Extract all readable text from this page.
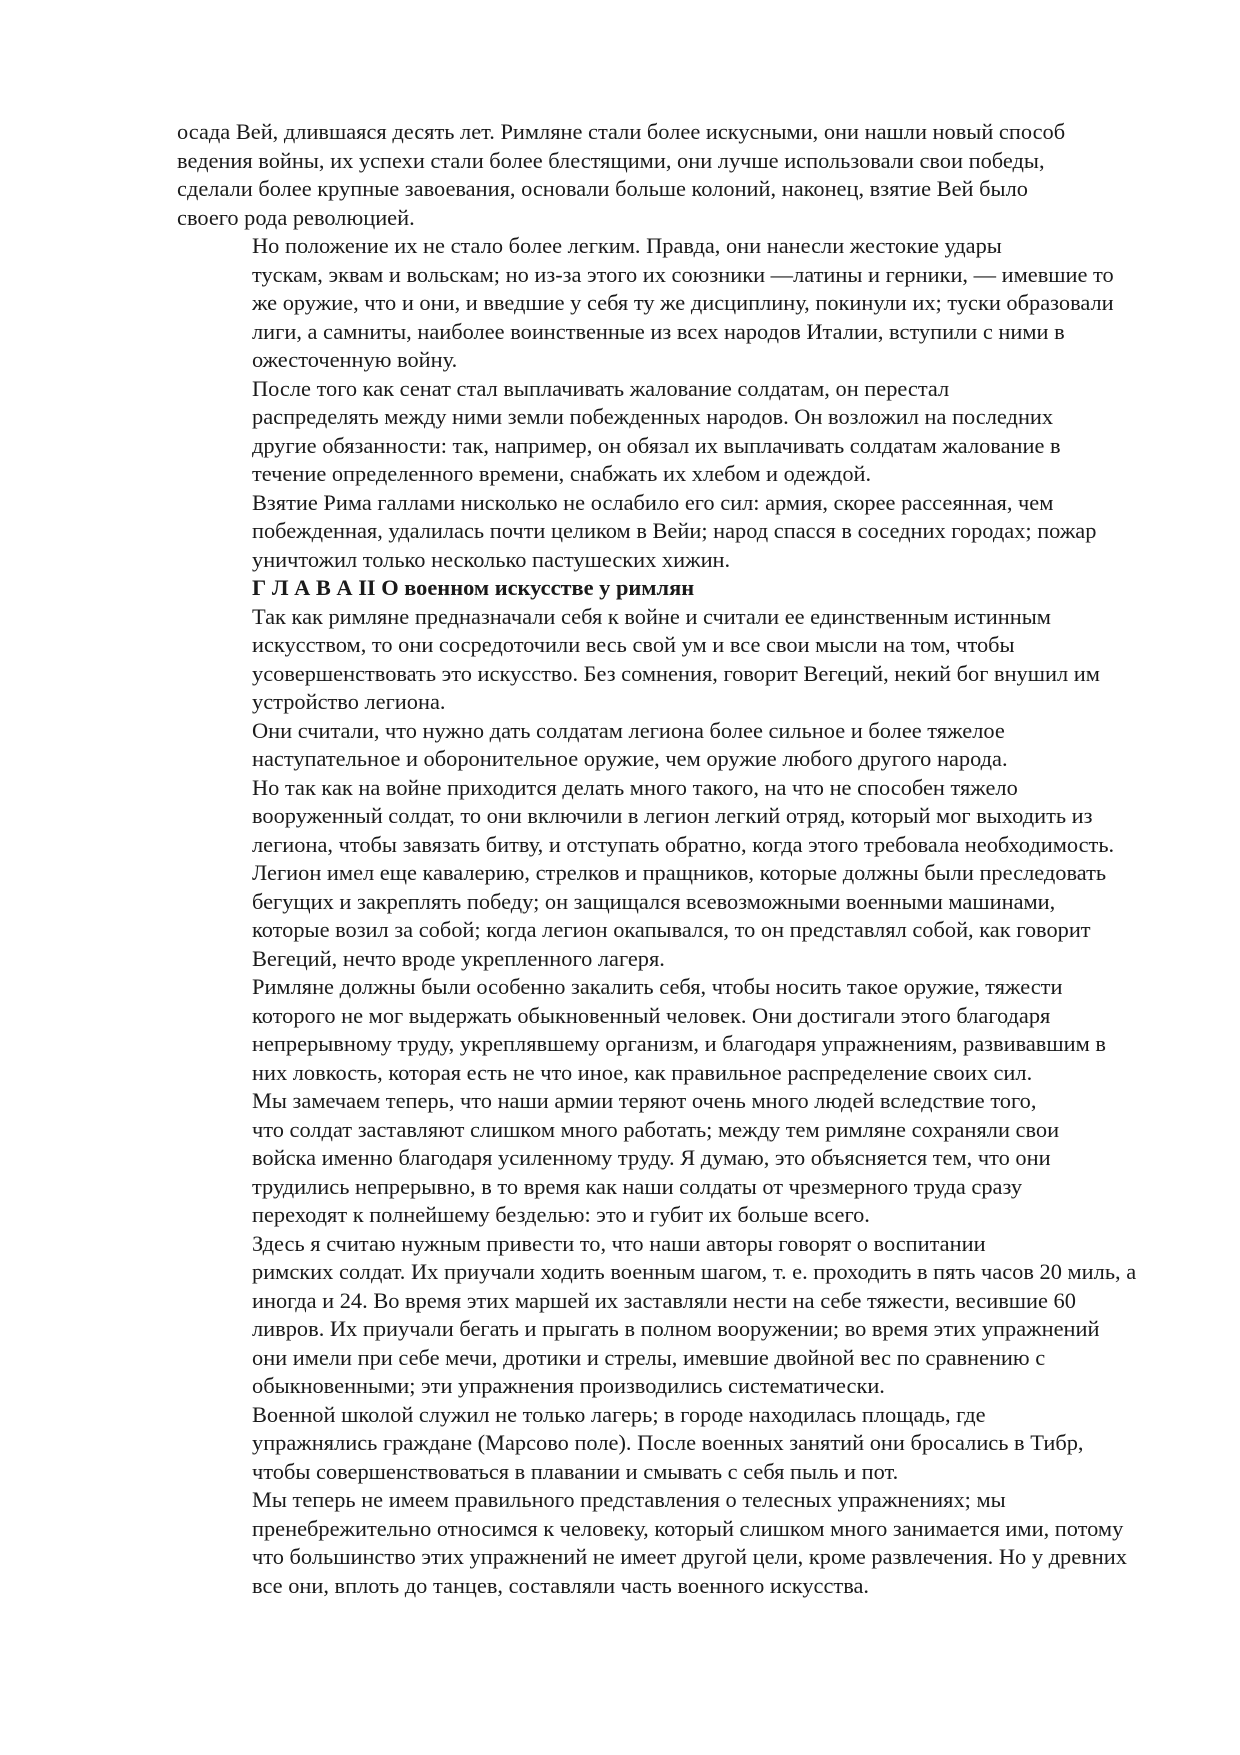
осада Вей, длившаяся десять лет. Римляне стали более искусными, они нашли новый способ
ведения войны, их успехи стали более блестящими, они лучше использовали свои победы,
сделали более крупные завоевания, основали больше колоний, наконец, взятие Вей было
своего рода революцией.

Но положение их не стало более легким. Правда, они нанесли жестокие удары
тускам, эквам и вольскам; но из-за этого их союзники —латины и герники, — имевшие то
же оружие, что и они, и введшие у себя ту же дисциплину, покинули их; туски образовали
лиги, а самниты, наиболее воинственные из всех народов Италии, вступили с ними в
ожесточенную войну.

После того как сенат стал выплачивать жалование солдатам, он перестал
распределять между ними земли побежденных народов. Он возложил на последних
другие обязанности: так, например, он обязал их выплачивать солдатам жалование в
течение определенного времени, снабжать их хлебом и одеждой.

Взятие Рима галлами нисколько не ослабило его сил: армия, скорее рассеянная, чем
побежденная, удалилась почти целиком в Вейи; народ спасся в соседних городах; пожар
уничтожил только несколько пастушеских хижин.

Г Л А В А II О военном искусстве у римлян

Так как римляне предназначали себя к войне и считали ее единственным истинным
искусством, то они сосредоточили весь свой ум и все свои мысли на том, чтобы
усовершенствовать это искусство. Без сомнения, говорит Вегеций, некий бог внушил им
устройство легиона.

Они считали, что нужно дать солдатам легиона более сильное и более тяжелое
наступательное и оборонительное оружие, чем оружие любого другого народа.

Но так как на войне приходится делать много такого, на что не способен тяжело
вооруженный солдат, то они включили в легион легкий отряд, который мог выходить из
легиона, чтобы завязать битву, и отступать обратно, когда этого требовала необходимость.
Легион имел еще кавалерию, стрелков и пращников, которые должны были преследовать
бегущих и закреплять победу; он защищался всевозможными военными машинами,
которые возил за собой; когда легион окапывался, то он представлял собой, как говорит
Вегеций, нечто вроде укрепленного лагеря.

Римляне должны были особенно закалить себя, чтобы носить такое оружие, тяжести
которого не мог выдержать обыкновенный человек. Они достигали этого благодаря
непрерывному труду, укреплявшему организм, и благодаря упражнениям, развивавшим в
них ловкость, которая есть не что иное, как правильное распределение своих сил.

Мы замечаем теперь, что наши армии теряют очень много людей вследствие того,
что солдат заставляют слишком много работать; между тем римляне сохраняли свои
войска именно благодаря усиленному труду. Я думаю, это объясняется тем, что они
трудились непрерывно, в то время как наши солдаты от чрезмерного труда сразу
переходят к полнейшему безделью: это и губит их больше всего.

Здесь я считаю нужным привести то, что наши авторы говорят о воспитании
римских солдат. Их приучали ходить военным шагом, т. е. проходить в пять часов 20 миль, а
иногда и 24. Во время этих маршей их заставляли нести на себе тяжести, весившие 60
ливров. Их приучали бегать и прыгать в полном вооружении; во время этих упражнений
они имели при себе мечи, дротики и стрелы, имевшие двойной вес по сравнению с
обыкновенными; эти упражнения производились систематически.

Военной школой служил не только лагерь; в городе находилась площадь, где
упражнялись граждане (Марсово поле). После военных занятий они бросались в Тибр,
чтобы совершенствоваться в плавании и смывать с себя пыль и пот.

Мы теперь не имеем правильного представления о телесных упражнениях; мы
пренебрежительно относимся к человеку, который слишком много занимается ими, потому
что большинство этих упражнений не имеет другой цели, кроме развлечения. Но у древних
все они, вплоть до танцев, составляли часть военного искусства.
